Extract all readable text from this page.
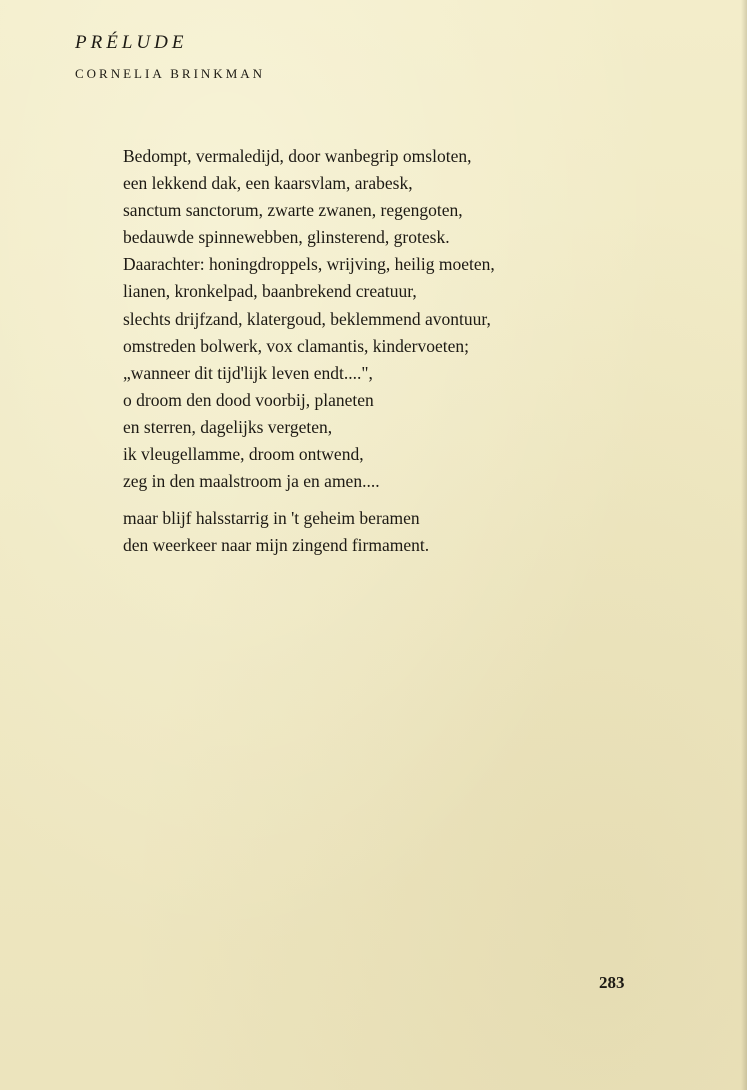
PRÉLUDE
CORNELIA BRINKMAN

Bedompt, vermaledijd, door wanbegrip omsloten,
een lekkend dak, een kaarsvlam, arabesk,
sanctum sanctorum, zwarte zwanen, regengoten,
bedauwde spinnewebben, glinsterend, grotesk.
Daarachter: honingdroppels, wrijving, heilig moeten,
lianen, kronkelpad, baanbrekend creatuur,
slechts drijfzand, klatergoud, beklemmend avontuur,
omstreden bolwerk, vox clamantis, kindervoeten;
„wanneer dit tijd'lijk leven endt....",
o droom den dood voorbij, planeten
en sterren, dagelijks vergeten,
ik vleugellamme, droom ontwend,
zeg in den maalstroom ja en amen....

maar blijf halsstarrig in 't geheim beramen
den weerkeer naar mijn zingend firmament.

283
